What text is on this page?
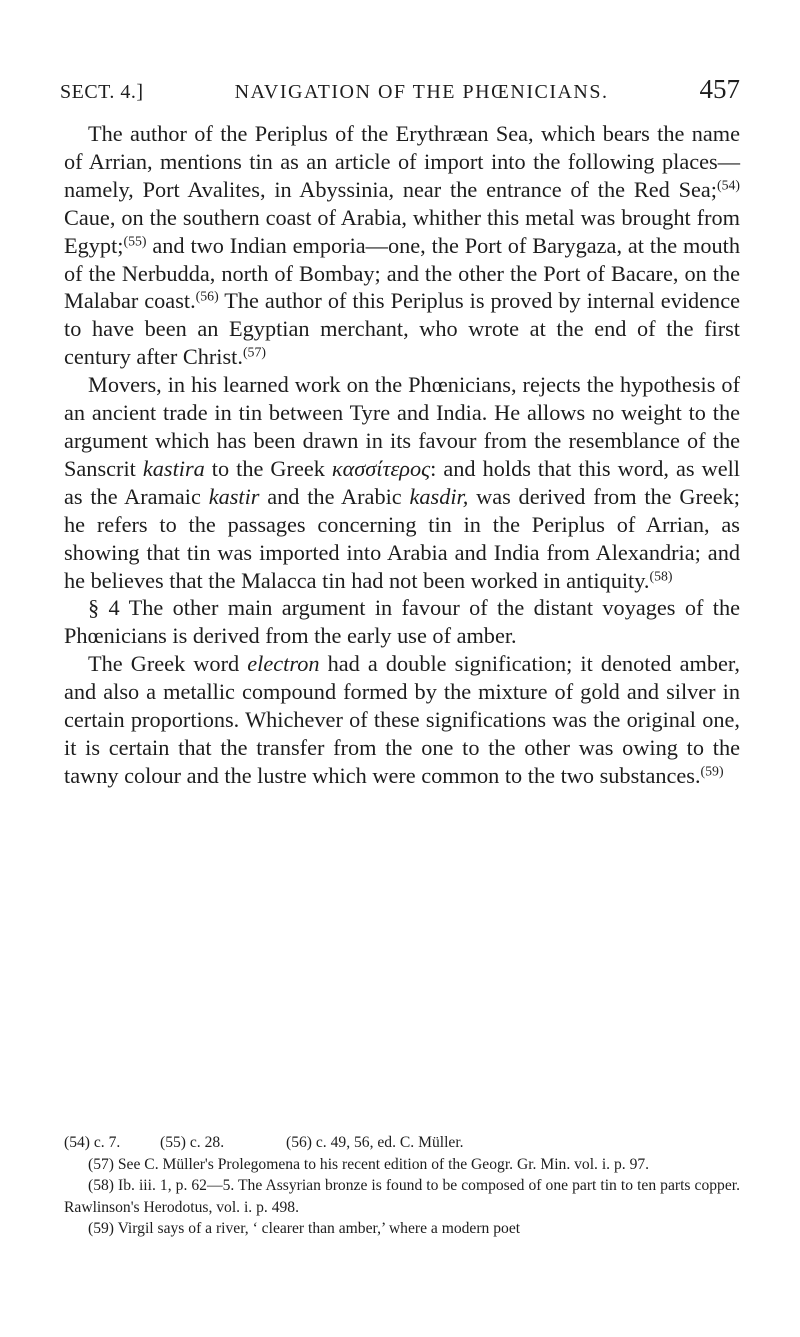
SECT. 4.]	NAVIGATION OF THE PHŒNICIANS.	457

The author of the Periplus of the Erythræan Sea, which bears the name of Arrian, mentions tin as an article of import into the following places—namely, Port Avalites, in Abyssinia, near the entrance of the Red Sea;$^{(54)}$ Caue, on the southern coast of Arabia, whither this metal was brought from Egypt;$^{(55)}$ and two Indian emporia—one, the Port of Barygaza, at the mouth of the Nerbudda, north of Bombay; and the other the Port of Bacare, on the Malabar coast.$^{(56)}$ The author of this Periplus is proved by internal evidence to have been an Egyptian merchant, who wrote at the end of the first century after Christ.$^{(57)}$

Movers, in his learned work on the Phœnicians, rejects the hypothesis of an ancient trade in tin between Tyre and India. He allows no weight to the argument which has been drawn in its favour from the resemblance of the Sanscrit kastira to the Greek κασσίτερος: and holds that this word, as well as the Aramaic kastir and the Arabic kasdir, was derived from the Greek; he refers to the passages concerning tin in the Periplus of Arrian, as showing that tin was imported into Arabia and India from Alexandria; and he believes that the Malacca tin had not been worked in antiquity.$^{(58)}$

§ 4 The other main argument in favour of the distant voyages of the Phœnicians is derived from the early use of amber.

The Greek word electron had a double signification; it denoted amber, and also a metallic compound formed by the mixture of gold and silver in certain proportions. Whichever of these significations was the original one, it is certain that the transfer from the one to the other was owing to the tawny colour and the lustre which were common to the two substances.$^{(59)}$

(54) c. 7.	(55) c. 28.	(56) c. 49, 56, ed. C. Müller.

(57) See C. Müller's Prolegomena to his recent edition of the Geogr. Gr. Min. vol. i. p. 97.

(58) Ib. iii. 1, p. 62—5. The Assyrian bronze is found to be composed of one part tin to ten parts copper. Rawlinson's Herodotus, vol. i. p. 498.

(59) Virgil says of a river, ‘ clearer than amber,’ where a modern poet
